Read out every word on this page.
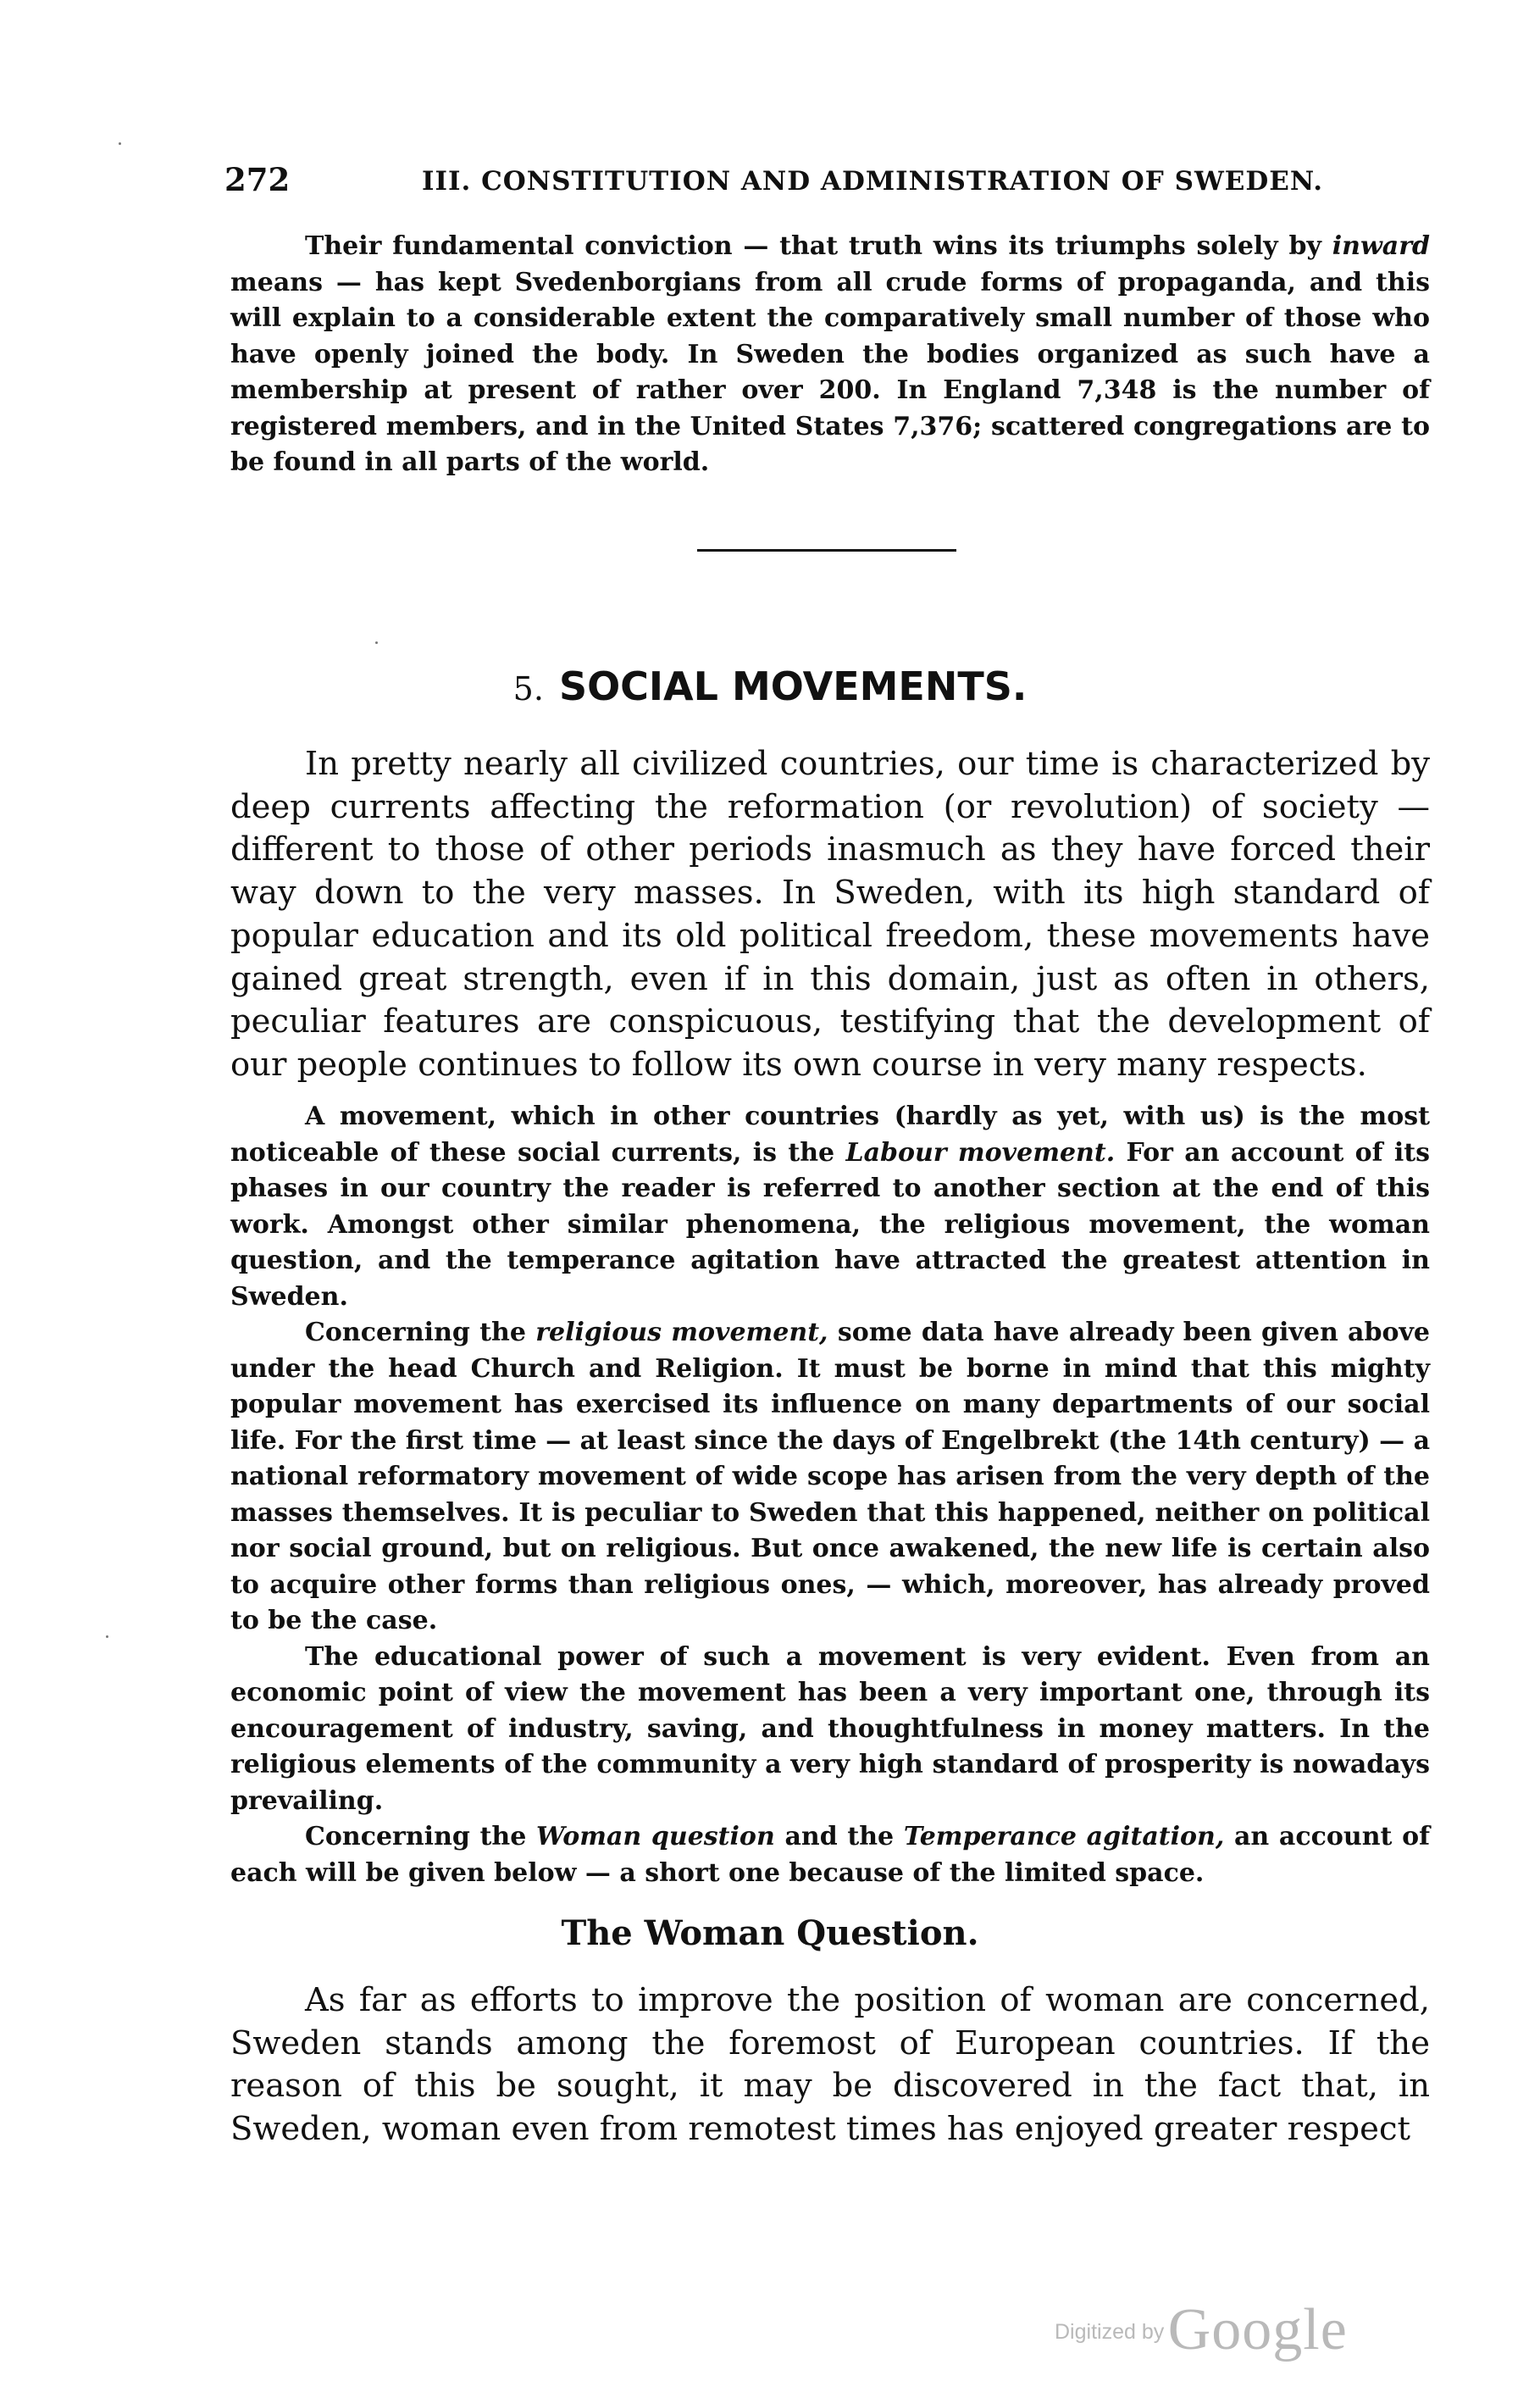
272	III. CONSTITUTION AND ADMINISTRATION OF SWEDEN.

Their fundamental conviction — that truth wins its triumphs solely by inward means — has kept Svedenborgians from all crude forms of propaganda, and this will explain to a considerable extent the comparatively small number of those who have openly joined the body. In Sweden the bodies organized as such have a membership at present of rather over 200. In England 7,348 is the number of registered members, and in the United States 7,376; scattered congregations are to be found in all parts of the world.

5. SOCIAL MOVEMENTS.

In pretty nearly all civilized countries, our time is characterized by deep currents affecting the reformation (or revolution) of society — different to those of other periods inasmuch as they have forced their way down to the very masses. In Sweden, with its high standard of popular education and its old political freedom, these movements have gained great strength, even if in this domain, just as often in others, peculiar features are conspicuous, testifying that the development of our people continues to follow its own course in very many respects.

A movement, which in other countries (hardly as yet, with us) is the most noticeable of these social currents, is the Labour movement. For an account of its phases in our country the reader is referred to another section at the end of this work. Amongst other similar phenomena, the religious movement, the woman question, and the temperance agitation have attracted the greatest attention in Sweden.

Concerning the religious movement, some data have already been given above under the head Church and Religion. It must be borne in mind that this mighty popular movement has exercised its influence on many departments of our social life. For the first time — at least since the days of Engelbrekt (the 14th century) — a national reformatory movement of wide scope has arisen from the very depth of the masses themselves. It is peculiar to Sweden that this happened, neither on political nor social ground, but on religious. But once awakened, the new life is certain also to acquire other forms than religious ones, — which, moreover, has already proved to be the case.

The educational power of such a movement is very evident. Even from an economic point of view the movement has been a very important one, through its encouragement of industry, saving, and thoughtfulness in money matters. In the religious elements of the community a very high standard of prosperity is nowadays prevailing.

Concerning the Woman question and the Temperance agitation, an account of each will be given below — a short one because of the limited space.

The Woman Question.

As far as efforts to improve the position of woman are concerned, Sweden stands among the foremost of European countries. If the reason of this be sought, it may be discovered in the fact that, in Sweden, woman even from remotest times has enjoyed greater respect

Digitized by Google
